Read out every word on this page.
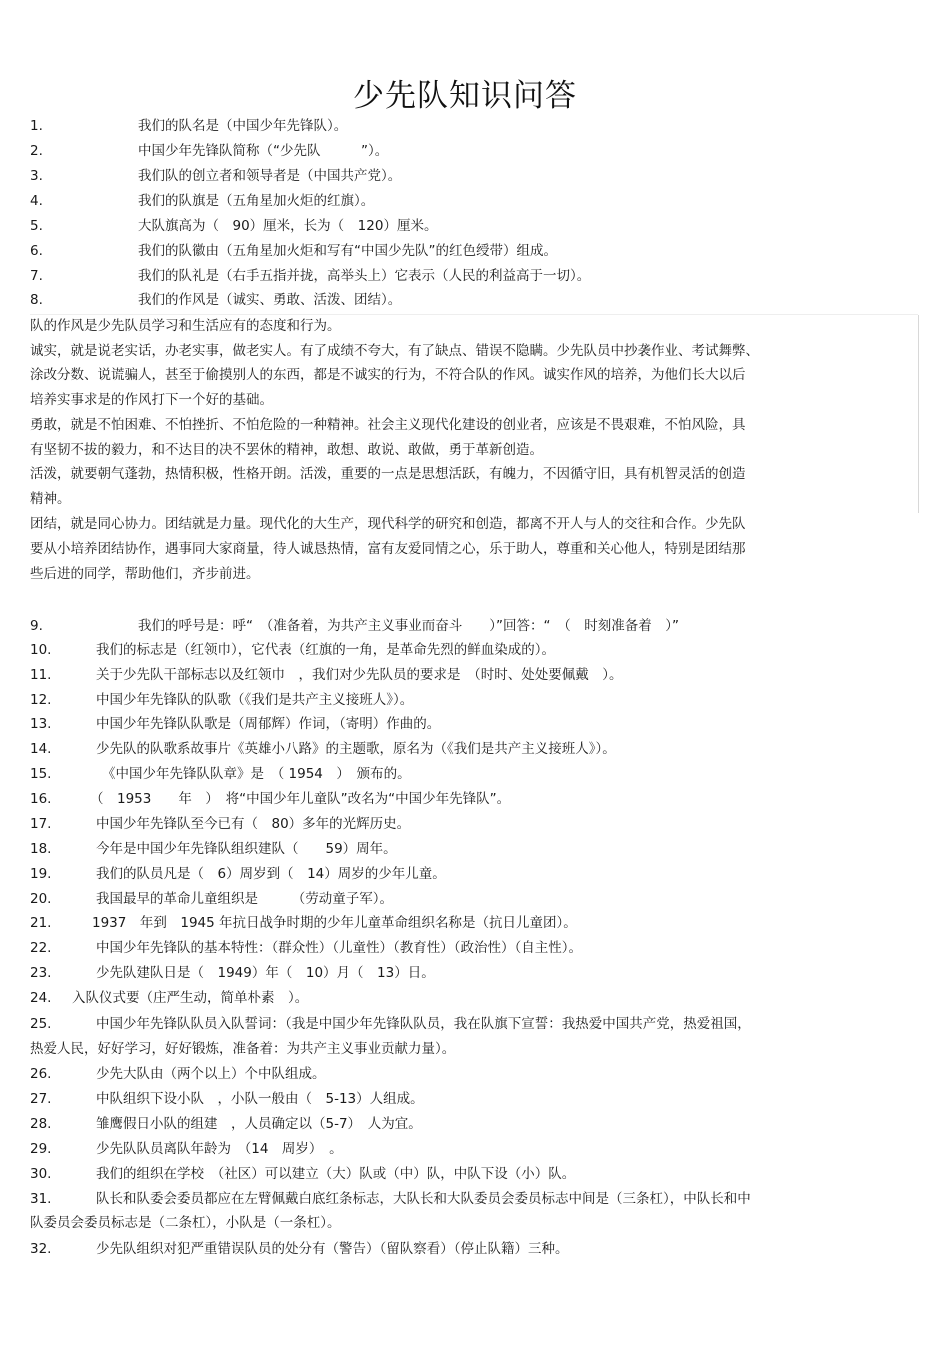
少先队知识问答
1.	我们的队名是（中国少年先锋队）。
2.	中国少年先锋队简称（“少先队　　　”）。
3.	我们队的创立者和领导者是（中国共产党）。
4.	我们的队旗是（五角星加火炬的红旗）。
5.	大队旗高为（　90）厘米，长为（　120）厘米。
6.	我们的队徽由（五角星加火炬和写有“中国少先队”的红色绶带）组成。
7.	我们的队礼是（右手五指并拢，高举头上）它表示（人民的利益高于一切）。
8.	我们的作风是（诚实、勇敢、活泼、团结）。
队的作风是少先队员学习和生活应有的态度和行为。
诚实，就是说老实话，办老实事，做老实人。有了成绩不夸大，有了缺点、错误不隐瞒。少先队员中抄袭作业、考试舞弊、
涂改分数、说谎骗人，甚至于偷摸别人的东西，都是不诚实的行为，不符合队的作风。诚实作风的培养，为他们长大以后
培养实事求是的作风打下一个好的基础。
勇敢，就是不怕困难、不怕挫折、不怕危险的一种精神。社会主义现代化建设的创业者，应该是不畏艰难，不怕风险，具
有坚韧不拔的毅力，和不达目的决不罢休的精神，敢想、敢说、敢做，勇于革新创造。
活泼，就要朝气蓬勃，热情积极，性格开朗。活泼，重要的一点是思想活跃，有魄力，不因循守旧，具有机智灵活的创造
精神。
团结，就是同心协力。团结就是力量。现代化的大生产，现代科学的研究和创造，都离不开人与人的交往和合作。少先队
要从小培养团结协作，遇事同大家商量，待人诚恳热情，富有友爱同情之心，乐于助人，尊重和关心他人，特别是团结那
些后进的同学，帮助他们，齐步前进。
9.	我们的呼号是：呼“　（准备着，为共产主义事业而奋斗　　）”回答：“　（　时刻准备着　）”
10.	我们的标志是（红领巾），它代表（红旗的一角，是革命先烈的鲜血染成的）。
11.	关于少先队干部标志以及红领巾　，我们对少先队员的要求是　（时时、处处要佩戴　）。
12.	中国少年先锋队的队歌（《我们是共产主义接班人》）。
13.	中国少年先锋队队歌是（周郁辉）作词，（寄明）作曲的。
14.	少先队的队歌系故事片《英雄小八路》的主题歌，原名为（《我们是共产主义接班人》）。
15.	《中国少年先锋队队章》是　（ 1954　）　颁布的。
16.	（　1953　　年　）　将“中国少年儿童队”改名为“中国少年先锋队”。
17.	中国少年先锋队至今已有（　80）多年的光辉历史。
18.	今年是中国少年先锋队组织建队（　　59）周年。
19.	我们的队员凡是（　6）周岁到（　14）周岁的少年儿童。
20.	我国最早的革命儿童组织是　　　（劳动童子军）。
21.	1937　年到　1945 年抗日战争时期的少年儿童革命组织名称是（抗日儿童团）。
22.	中国少年先锋队的基本特性：（群众性）（儿童性）（教育性）（政治性）（自主性）。
23.	少先队建队日是（　1949）年（　10）月（　13）日。
24. 入队仪式要（庄严生动，简单朴素　）。
25.	中国少年先锋队队员入队誓词：（我是中国少年先锋队队员，我在队旗下宣誓：我热爱中国共产党，热爱祖国，
热爱人民，好好学习，好好锻炼，准备着：为共产主义事业贡献力量）。
26.	少先大队由（两个以上）个中队组成。
27.	中队组织下设小队　，小队一般由（　5-13）人组成。
28.	雏鹰假日小队的组建　，人员确定以（5-7）　人为宜。
29.	少先队队员离队年龄为　（14　周岁）　。
30.	我们的组织在学校　（社区）可以建立（大）队或（中）队，中队下设（小）队。
31.	队长和队委会委员都应在左臂佩戴白底红条标志，大队长和大队委员会委员标志中间是（三条杠），中队长和中
队委员会委员标志是（二条杠），小队是（一条杠）。
32.	少先队组织对犯严重错误队员的处分有（警告）（留队察看）（停止队籍）三种。
